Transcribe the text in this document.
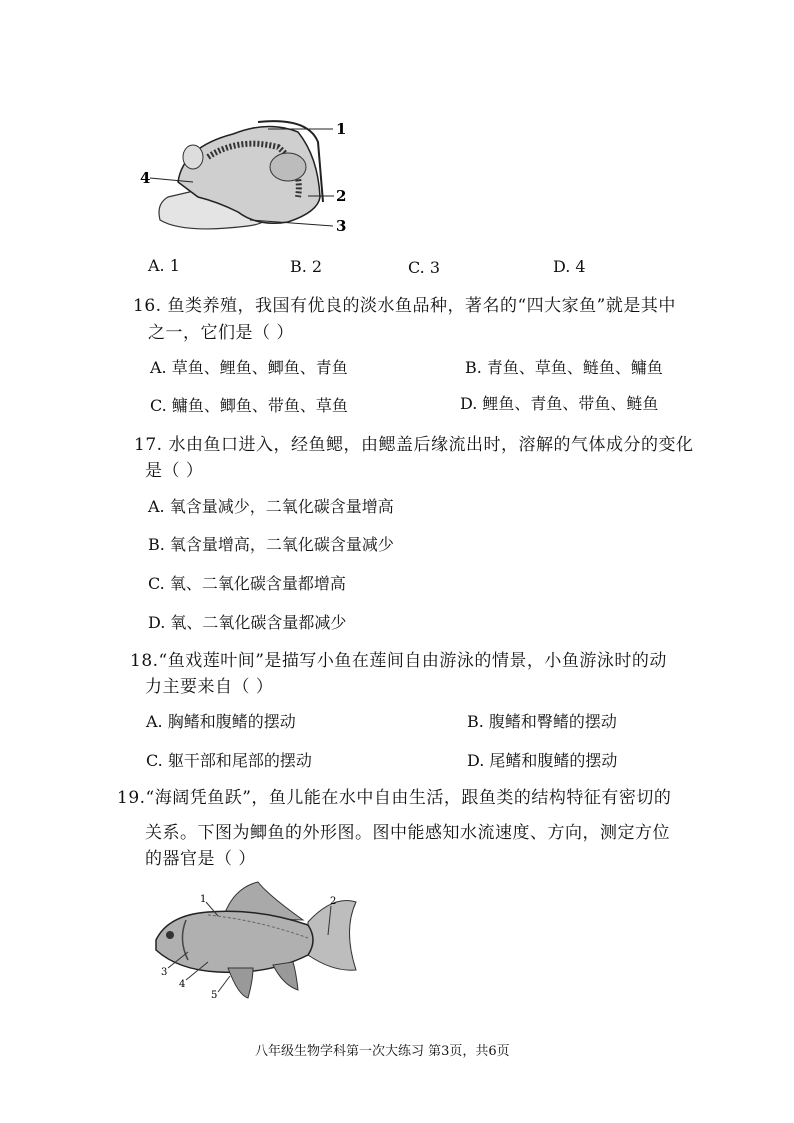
1
2
3
4
A. 1	B. 2	C. 3	D. 4
16. 鱼类养殖，我国有优良的淡水鱼品种，著名的“四大家鱼”就是其中
之一，它们是（ ）
A. 草鱼、鲤鱼、鲫鱼、青鱼	B. 青鱼、草鱼、鲢鱼、鳙鱼
C. 鳙鱼、鲫鱼、带鱼、草鱼	D. 鲤鱼、青鱼、带鱼、鲢鱼
17. 水由鱼口进入，经鱼鳃，由鳃盖后缘流出时，溶解的气体成分的变化
是（ ）
A. 氧含量减少，二氧化碳含量增高
B. 氧含量增高，二氧化碳含量减少
C. 氧、二氧化碳含量都增高
D. 氧、二氧化碳含量都减少
18.“鱼戏莲叶间”是描写小鱼在莲间自由游泳的情景，小鱼游泳时的动
力主要来自（ ）
A. 胸鳍和腹鳍的摆动	B. 腹鳍和臀鳍的摆动
C. 躯干部和尾部的摆动	D. 尾鳍和腹鳍的摆动
19.“海阔凭鱼跃”，鱼儿能在水中自由生活，跟鱼类的结构特征有密切的
关系。下图为鲫鱼的外形图。图中能感知水流速度、方向，测定方位
的器官是（ ）
1	2
3
4
5
八年级生物学科第一次大练习 第3页，共6页
